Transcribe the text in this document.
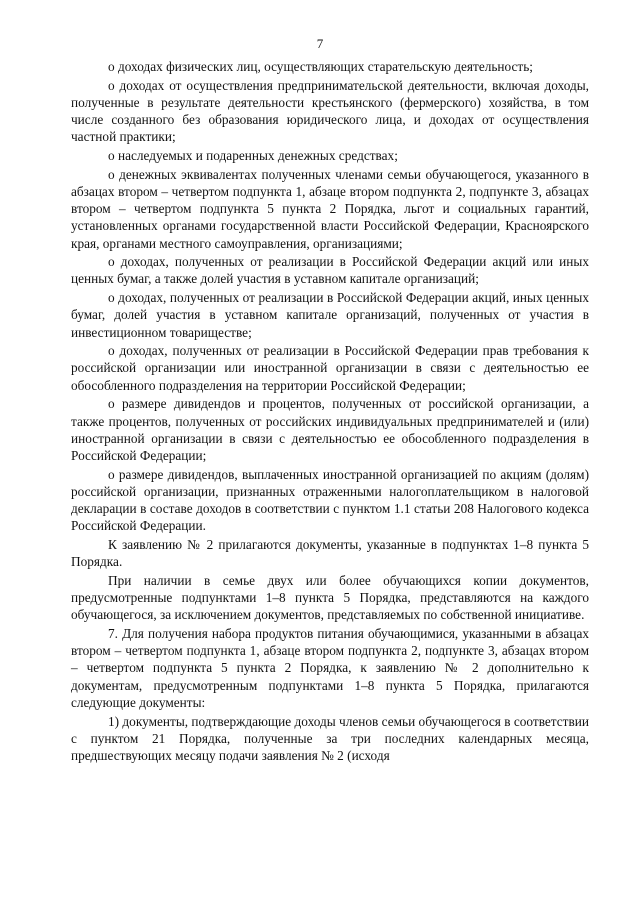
7

о доходах физических лиц, осуществляющих старательскую деятельность;

о доходах от осуществления предпринимательской деятельности, включая доходы, полученные в результате деятельности крестьянского (фермерского) хозяйства, в том числе созданного без образования юридического лица, и доходах от осуществления частной практики;

о наследуемых и подаренных денежных средствах;

о денежных эквивалентах полученных членами семьи обучающегося, указанного в абзацах втором – четвертом подпункта 1, абзаце втором подпункта 2, подпункте 3, абзацах втором – четвертом подпункта 5 пункта 2 Порядка, льгот и социальных гарантий, установленных органами государственной власти Российской Федерации, Красноярского края, органами местного самоуправления, организациями;

о доходах, полученных от реализации в Российской Федерации акций или иных ценных бумаг, а также долей участия в уставном капитале организаций;

о доходах, полученных от реализации в Российской Федерации акций, иных ценных бумаг, долей участия в уставном капитале организаций, полученных от участия в инвестиционном товариществе;

о доходах, полученных от реализации в Российской Федерации прав требования к российской организации или иностранной организации в связи с деятельностью ее обособленного подразделения на территории Российской Федерации;

о размере дивидендов и процентов, полученных от российской организации, а также процентов, полученных от российских индивидуальных предпринимателей и (или) иностранной организации в связи с деятельностью ее обособленного подразделения в Российской Федерации;

о размере дивидендов, выплаченных иностранной организацией по акциям (долям) российской организации, признанных отраженными налогоплательщиком в налоговой декларации в составе доходов в соответствии с пунктом 1.1 статьи 208 Налогового кодекса Российской Федерации.

К заявлению № 2 прилагаются документы, указанные в подпунктах 1–8 пункта 5 Порядка.

При наличии в семье двух или более обучающихся копии документов, предусмотренные подпунктами 1–8 пункта 5 Порядка, представляются на каждого обучающегося, за исключением документов, представляемых по собственной инициативе.

7. Для получения набора продуктов питания обучающимися, указанными в абзацах втором – четвертом подпункта 1, абзаце втором подпункта 2, подпункте 3, абзацах втором – четвертом подпункта 5 пункта 2 Порядка, к заявлению № 2 дополнительно к документам, предусмотренным подпунктами 1–8 пункта 5 Порядка, прилагаются следующие документы:

1) документы, подтверждающие доходы членов семьи обучающегося в соответствии с пунктом 21 Порядка, полученные за три последних календарных месяца, предшествующих месяцу подачи заявления № 2 (исходя
